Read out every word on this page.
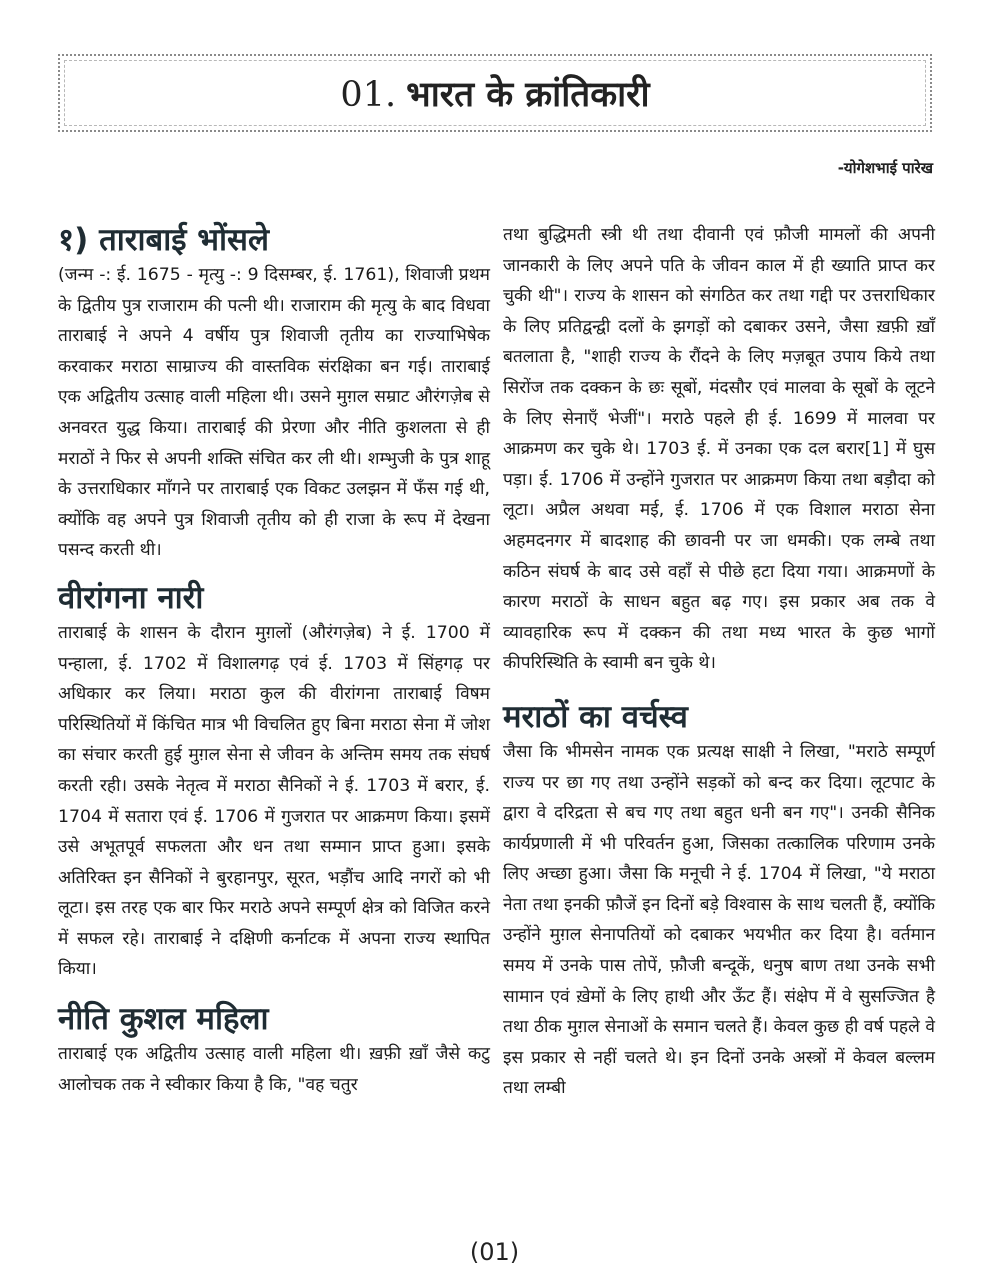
01. भारत के क्रांतिकारी
-योगेशभाई पारेख
१) ताराबाई भोंसले

(जन्म -: ई. 1675 - मृत्यु -: 9 दिसम्बर, ई. 1761), शिवाजी प्रथम के द्वितीय पुत्र राजाराम की पत्नी थी। राजाराम की मृत्यु के बाद विधवा ताराबाई ने अपने 4 वर्षीय पुत्र शिवाजी तृतीय का राज्याभिषेक करवाकर मराठा साम्राज्य की वास्तविक संरक्षिका बन गई। ताराबाई एक अद्वितीय उत्साह वाली महिला थी। उसने मुग़ल सम्राट औरंगज़ेब से अनवरत युद्ध किया। ताराबाई की प्रेरणा और नीति कुशलता से ही मराठों ने फिर से अपनी शक्ति संचित कर ली थी। शम्भुजी के पुत्र शाहू के उत्तराधिकार माँगने पर ताराबाई एक विकट उलझन में फँस गई थी, क्योंकि वह अपने पुत्र शिवाजी तृतीय को ही राजा के रूप में देखना पसन्द करती थी।

वीरांगना नारी

ताराबाई के शासन के दौरान मुग़लों (औरंगज़ेब) ने ई. 1700 में पन्हाला, ई. 1702 में विशालगढ़ एवं ई. 1703 में सिंहगढ़ पर अधिकार कर लिया। मराठा कुल की वीरांगना ताराबाई विषम परिस्थितियों में किंचित मात्र भी विचलित हुए बिना मराठा सेना में जोश का संचार करती हुई मुग़ल सेना से जीवन के अन्तिम समय तक संघर्ष करती रही। उसके नेतृत्व में मराठा सैनिकों ने ई. 1703 में बरार, ई. 1704 में सतारा एवं ई. 1706 में गुजरात पर आक्रमण किया। इसमें उसे अभूतपूर्व सफलता और धन तथा सम्मान प्राप्त हुआ। इसके अतिरिक्त इन सैनिकों ने बुरहानपुर, सूरत, भड़ौंच आदि नगरों को भी लूटा। इस तरह एक बार फिर मराठे अपने सम्पूर्ण क्षेत्र को विजित करने में सफल रहे। ताराबाई ने दक्षिणी कर्नाटक में अपना राज्य स्थापित किया।

नीति कुशल महिला

ताराबाई एक अद्वितीय उत्साह वाली महिला थी। ख़फ़ी ख़ाँ जैसे कटु आलोचक तक ने स्वीकार किया है कि, "वह चतुर

तथा बुद्धिमती स्त्री थी तथा दीवानी एवं फ़ौजी मामलों की अपनी जानकारी के लिए अपने पति के जीवन काल में ही ख्याति प्राप्त कर चुकी थी"। राज्य के शासन को संगठित कर तथा गद्दी पर उत्तराधिकार के लिए प्रतिद्वन्द्वी दलों के झगड़ों को दबाकर उसने, जैसा ख़फ़ी ख़ाँ बतलाता है, "शाही राज्य के रौंदने के लिए मज़बूत उपाय किये तथा सिरोंज तक दक्कन के छः सूबों, मंदसौर एवं मालवा के सूबों के लूटने के लिए सेनाएँ भेजीं"। मराठे पहले ही ई. 1699 में मालवा पर आक्रमण कर चुके थे। 1703 ई. में उनका एक दल बरार[1] में घुस पड़ा। ई. 1706 में उन्होंने गुजरात पर आक्रमण किया तथा बड़ौदा को लूटा। अप्रैल अथवा मई, ई. 1706 में एक विशाल मराठा सेना अहमदनगर में बादशाह की छावनी पर जा धमकी। एक लम्बे तथा कठिन संघर्ष के बाद उसे वहाँ से पीछे हटा दिया गया। आक्रमणों के कारण मराठों के साधन बहुत बढ़ गए। इस प्रकार अब तक वे व्यावहारिक रूप में दक्कन की तथा मध्य भारत के कुछ भागों कीपरिस्थिति के स्वामी बन चुके थे।

मराठों का वर्चस्व

जैसा कि भीमसेन नामक एक प्रत्यक्ष साक्षी ने लिखा, "मराठे सम्पूर्ण राज्य पर छा गए तथा उन्होंने सड़कों को बन्द कर दिया। लूटपाट के द्वारा वे दरिद्रता से बच गए तथा बहुत धनी बन गए"। उनकी सैनिक कार्यप्रणाली में भी परिवर्तन हुआ, जिसका तत्कालिक परिणाम उनके लिए अच्छा हुआ। जैसा कि मनूची ने ई. 1704 में लिखा, "ये मराठा नेता तथा इनकी फ़ौजें इन दिनों बड़े विश्वास के साथ चलती हैं, क्योंकि उन्होंने मुग़ल सेनापतियों को दबाकर भयभीत कर दिया है। वर्तमान समय में उनके पास तोपें, फ़ौजी बन्दूकें, धनुष बाण तथा उनके सभी सामान एवं ख़ेमों के लिए हाथी और ऊँट हैं। संक्षेप में वे सुसज्जित है तथा ठीक मुग़ल सेनाओं के समान चलते हैं। केवल कुछ ही वर्ष पहले वे इस प्रकार से नहीं चलते थे। इन दिनों उनके अस्त्रों में केवल बल्लम तथा लम्बी

(01)
